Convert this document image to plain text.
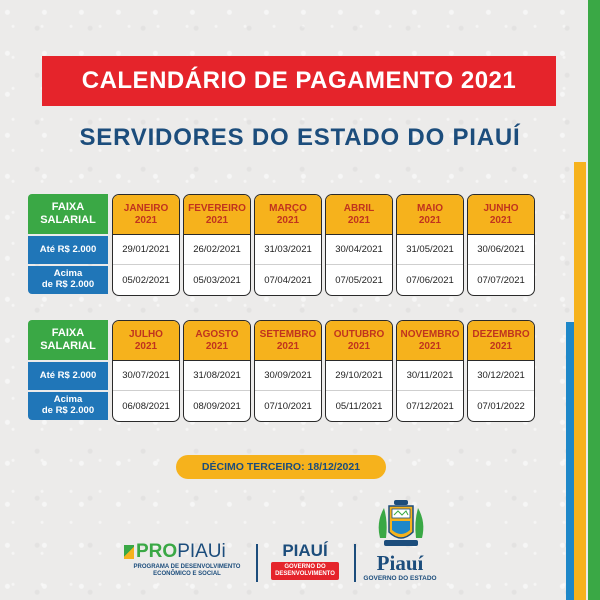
CALENDÁRIO DE PAGAMENTO 2021
SERVIDORES DO ESTADO DO PIAUÍ
FAIXA
SALARIAL
Até R$ 2.000
Acima
de R$ 2.000
JANEIRO
2021
29/01/2021
05/02/2021
FEVEREIRO
2021
26/02/2021
05/03/2021
MARÇO
2021
31/03/2021
07/04/2021
ABRIL
2021
30/04/2021
07/05/2021
MAIO
2021
31/05/2021
07/06/2021
JUNHO
2021
30/06/2021
07/07/2021
FAIXA
SALARIAL
Até R$ 2.000
Acima
de R$ 2.000
JULHO
2021
30/07/2021
06/08/2021
AGOSTO
2021
31/08/2021
08/09/2021
SETEMBRO
2021
30/09/2021
07/10/2021
OUTUBRO
2021
29/10/2021
05/11/2021
NOVEMBRO
2021
30/11/2021
07/12/2021
DEZEMBRO
2021
30/12/2021
07/01/2022
DÉCIMO TERCEIRO: 18/12/2021
PROPIAUi
PROGRAMA DE DESENVOLVIMENTO
ECONÔMICO E SOCIAL
PIAUÍ
GOVERNO DO
DESENVOLVIMENTO	Piauí
GOVERNO DO ESTADO
